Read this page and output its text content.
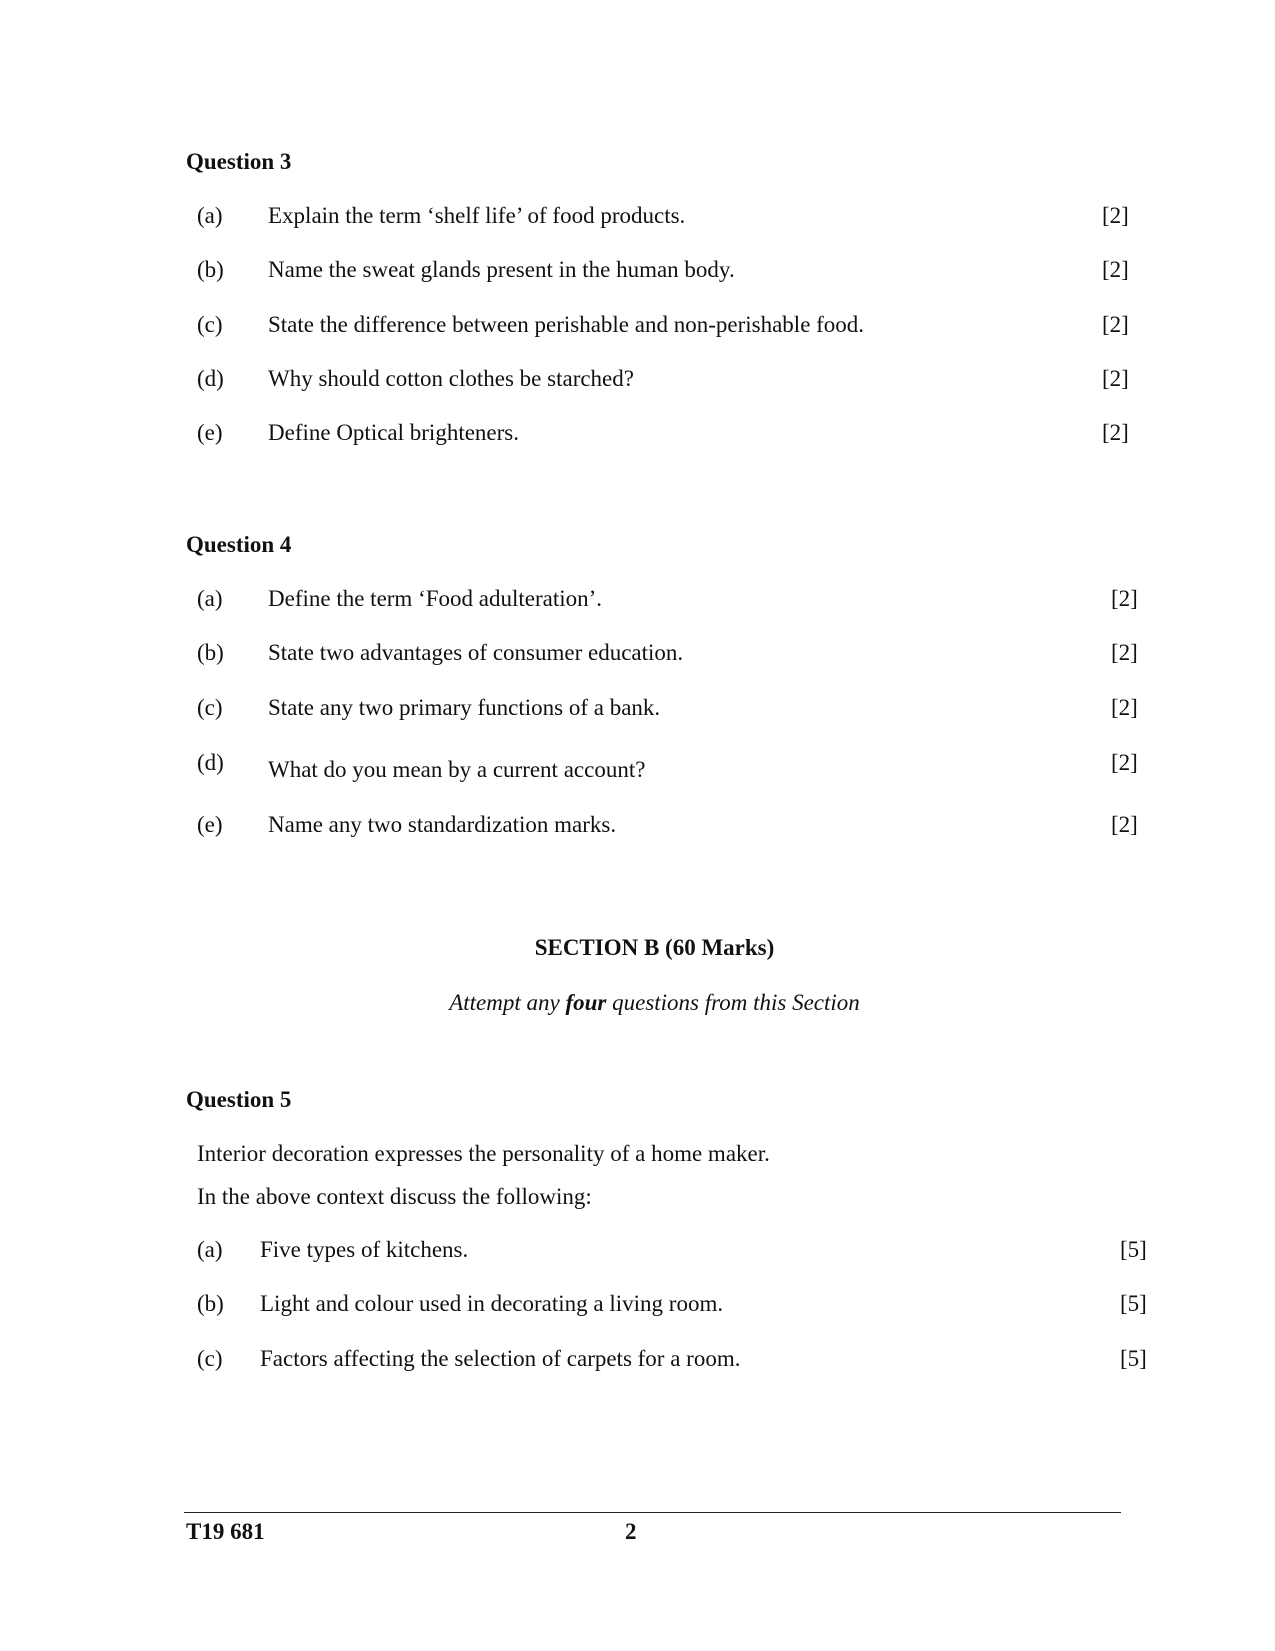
Question 3
(a) Explain the term ‘shelf life’ of food products.	[2]
(b) Name the sweat glands present in the human body.	[2]
(c) State the difference between perishable and non-perishable food.	[2]
(d) Why should cotton clothes be starched?	[2]
(e) Define Optical brighteners.	[2]
Question 4
(a) Define the term ‘Food adulteration’.	[2]
(b) State two advantages of consumer education.	[2]
(c) State any two primary functions of a bank.	[2]
(d) What do you mean by a current account?	[2]
(e) Name any two standardization marks.	[2]
SECTION B (60 Marks)
Attempt any four questions from this Section
Question 5
Interior decoration expresses the personality of a home maker.
In the above context discuss the following:
(a) Five types of kitchens.	[5]
(b) Light and colour used in decorating a living room.	[5]
(c) Factors affecting the selection of carpets for a room.	[5]
T19 681	2
